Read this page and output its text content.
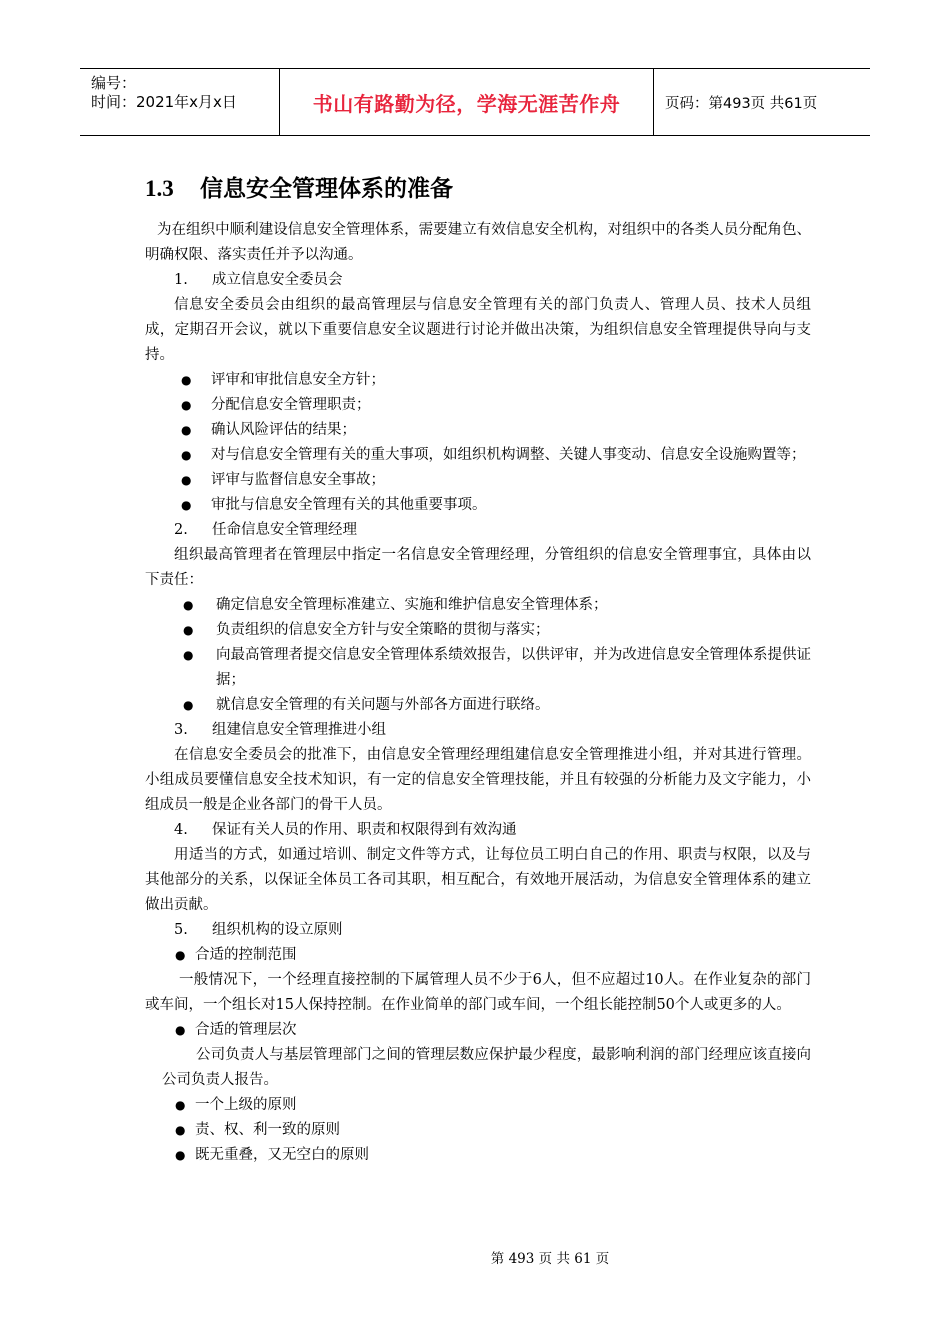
编号：
时间：2021年x月x日	书山有路勤为径，学海无涯苦作舟	页码：第493页 共61页
1.3 信息安全管理体系的准备

为在组织中顺利建设信息安全管理体系，需要建立有效信息安全机构，对组织中的各类人员分配角色、明确权限、落实责任并予以沟通。

1. 成立信息安全委员会

信息安全委员会由组织的最高管理层与信息安全管理有关的部门负责人、管理人员、技术人员组成，定期召开会议，就以下重要信息安全议题进行讨论并做出决策，为组织信息安全管理提供导向与支持。

● 评审和审批信息安全方针；

● 分配信息安全管理职责；

● 确认风险评估的结果；

● 对与信息安全管理有关的重大事项，如组织机构调整、关键人事变动、信息安全设施购置等；

● 评审与监督信息安全事故；

● 审批与信息安全管理有关的其他重要事项。

2. 任命信息安全管理经理

组织最高管理者在管理层中指定一名信息安全管理经理，分管组织的信息安全管理事宜，具体由以下责任：

● 确定信息安全管理标准建立、实施和维护信息安全管理体系；

● 负责组织的信息安全方针与安全策略的贯彻与落实；

● 向最高管理者提交信息安全管理体系绩效报告，以供评审，并为改进信息安全管理体系提供证据；

● 就信息安全管理的有关问题与外部各方面进行联络。

3. 组建信息安全管理推进小组

在信息安全委员会的批准下，由信息安全管理经理组建信息安全管理推进小组，并对其进行管理。小组成员要懂信息安全技术知识，有一定的信息安全管理技能，并且有较强的分析能力及文字能力，小组成员一般是企业各部门的骨干人员。

4. 保证有关人员的作用、职责和权限得到有效沟通

用适当的方式，如通过培训、制定文件等方式，让每位员工明白自己的作用、职责与权限，以及与其他部分的关系，以保证全体员工各司其职，相互配合，有效地开展活动，为信息安全管理体系的建立做出贡献。

5. 组织机构的设立原则

● 合适的控制范围

一般情况下，一个经理直接控制的下属管理人员不少于6人，但不应超过10人。在作业复杂的部门或车间，一个组长对15人保持控制。在作业简单的部门或车间，一个组长能控制50个人或更多的人。

● 合适的管理层次

公司负责人与基层管理部门之间的管理层数应保护最少程度，最影响利润的部门经理应该直接向公司负责人报告。

● 一个上级的原则

● 责、权、利一致的原则

● 既无重叠，又无空白的原则

第 493 页 共 61 页
